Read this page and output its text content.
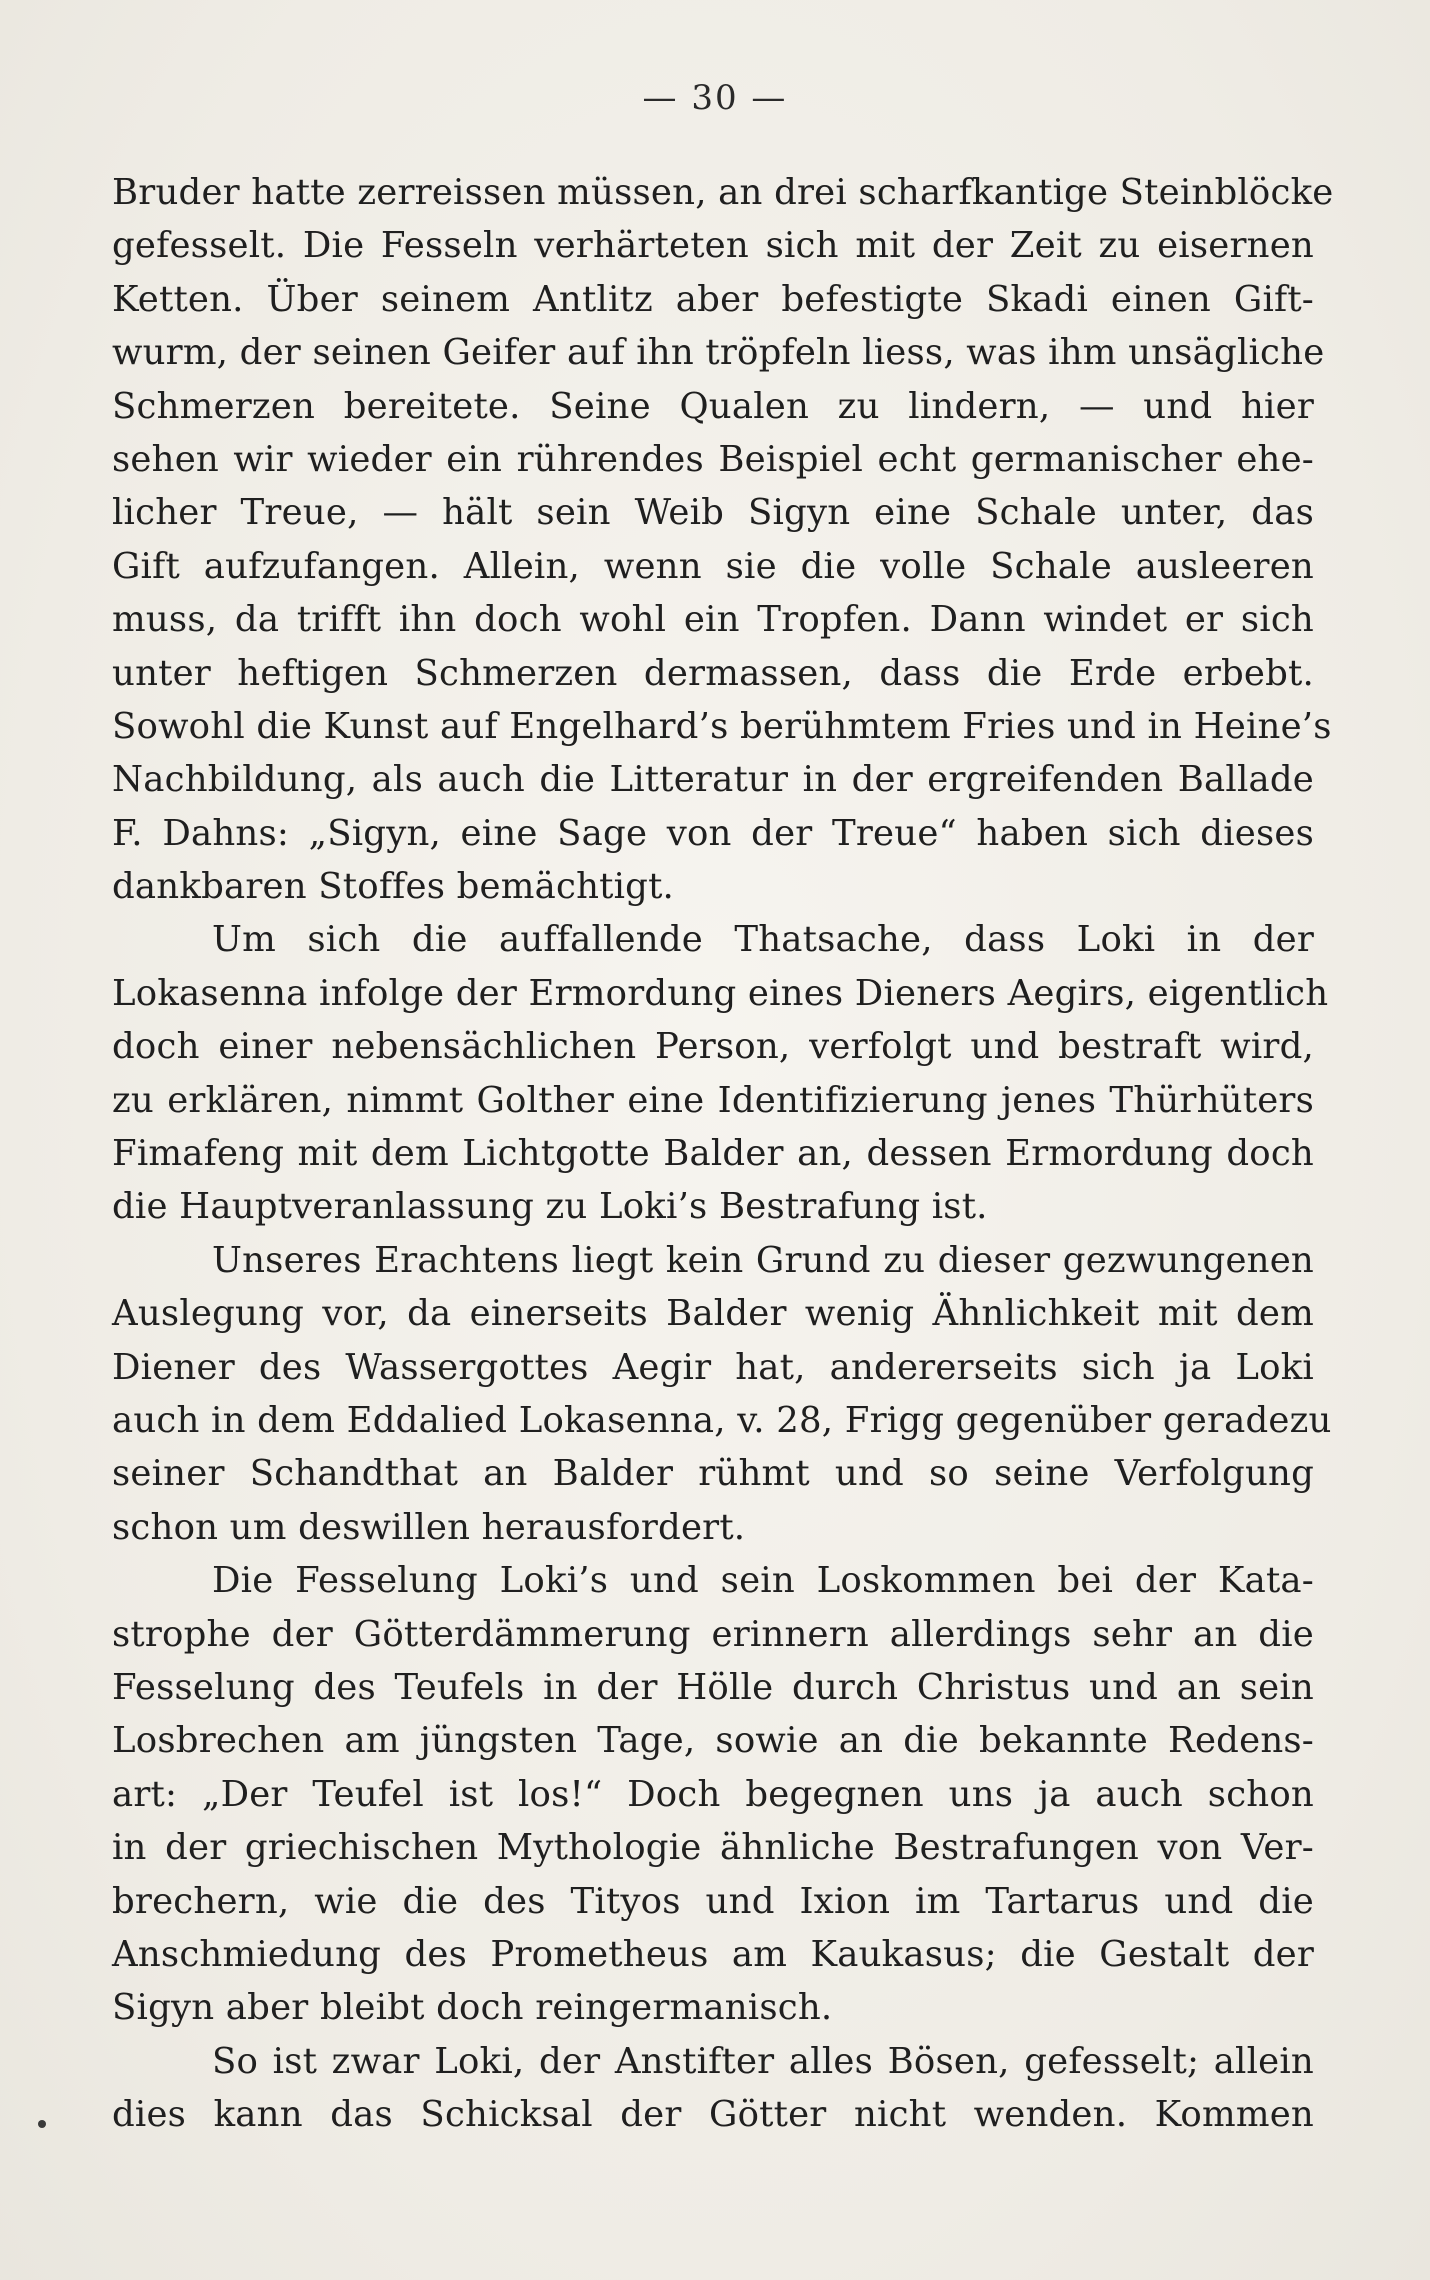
— 30 —
Bruder hatte zerreissen müssen, an drei scharfkantige Steinblöcke
gefesselt. Die Fesseln verhärteten sich mit der Zeit zu eisernen
Ketten. Über seinem Antlitz aber befestigte Skadi einen Gift-
wurm, der seinen Geifer auf ihn tröpfeln liess, was ihm unsägliche
Schmerzen bereitete. Seine Qualen zu lindern, — und hier
sehen wir wieder ein rührendes Beispiel echt germanischer ehe-
licher Treue, — hält sein Weib Sigyn eine Schale unter, das
Gift aufzufangen. Allein, wenn sie die volle Schale ausleeren
muss, da trifft ihn doch wohl ein Tropfen. Dann windet er sich
unter heftigen Schmerzen dermassen, dass die Erde erbebt.
Sowohl die Kunst auf Engelhard’s berühmtem Fries und in Heine’s
Nachbildung, als auch die Litteratur in der ergreifenden Ballade
F. Dahns: „Sigyn, eine Sage von der Treue“ haben sich dieses
dankbaren Stoffes bemächtigt.
Um sich die auffallende Thatsache, dass Loki in der
Lokasenna infolge der Ermordung eines Dieners Aegirs, eigentlich
doch einer nebensächlichen Person, verfolgt und bestraft wird,
zu erklären, nimmt Golther eine Identifizierung jenes Thürhüters
Fimafeng mit dem Lichtgotte Balder an, dessen Ermordung doch
die Hauptveranlassung zu Loki’s Bestrafung ist.
Unseres Erachtens liegt kein Grund zu dieser gezwungenen
Auslegung vor, da einerseits Balder wenig Ähnlichkeit mit dem
Diener des Wassergottes Aegir hat, andererseits sich ja Loki
auch in dem Eddalied Lokasenna, v. 28, Frigg gegenüber geradezu
seiner Schandthat an Balder rühmt und so seine Verfolgung
schon um deswillen herausfordert.
Die Fesselung Loki’s und sein Loskommen bei der Kata-
strophe der Götterdämmerung erinnern allerdings sehr an die
Fesselung des Teufels in der Hölle durch Christus und an sein
Losbrechen am jüngsten Tage, sowie an die bekannte Redens-
art: „Der Teufel ist los!“ Doch begegnen uns ja auch schon
in der griechischen Mythologie ähnliche Bestrafungen von Ver-
brechern, wie die des Tityos und Ixion im Tartarus und die
Anschmiedung des Prometheus am Kaukasus; die Gestalt der
Sigyn aber bleibt doch reingermanisch.
So ist zwar Loki, der Anstifter alles Bösen, gefesselt; allein
dies kann das Schicksal der Götter nicht wenden. Kommen
